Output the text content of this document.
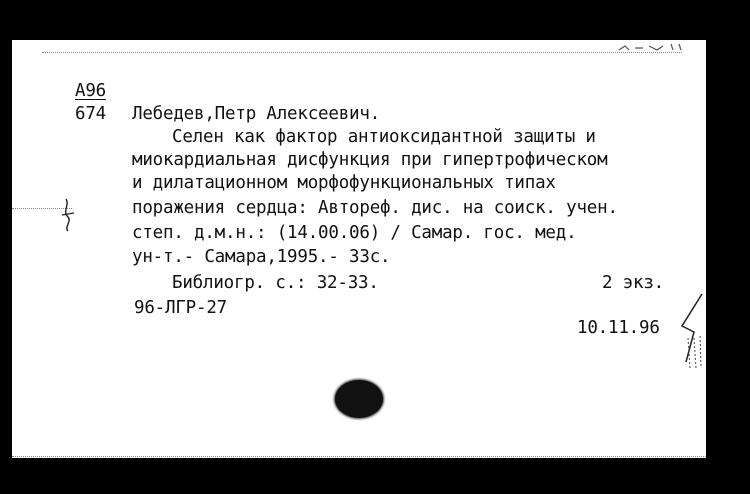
А96
674 Лебедев,Петр Алексеевич.
Селен как фактор антиоксидантной защиты и
миокардиальная дисфункция при гипертрофическом
и дилатационном морфофункциональных типах
поражения сердца: Автореф. дис. на соиск. учен.
степ. д.м.н.: (14.00.06) / Самар. гос. мед.
ун-т.- Самара,1995.- 33с.
Библиогр. с.: 32-33.	2 экз.
96-ЛГР-27
10.11.96
